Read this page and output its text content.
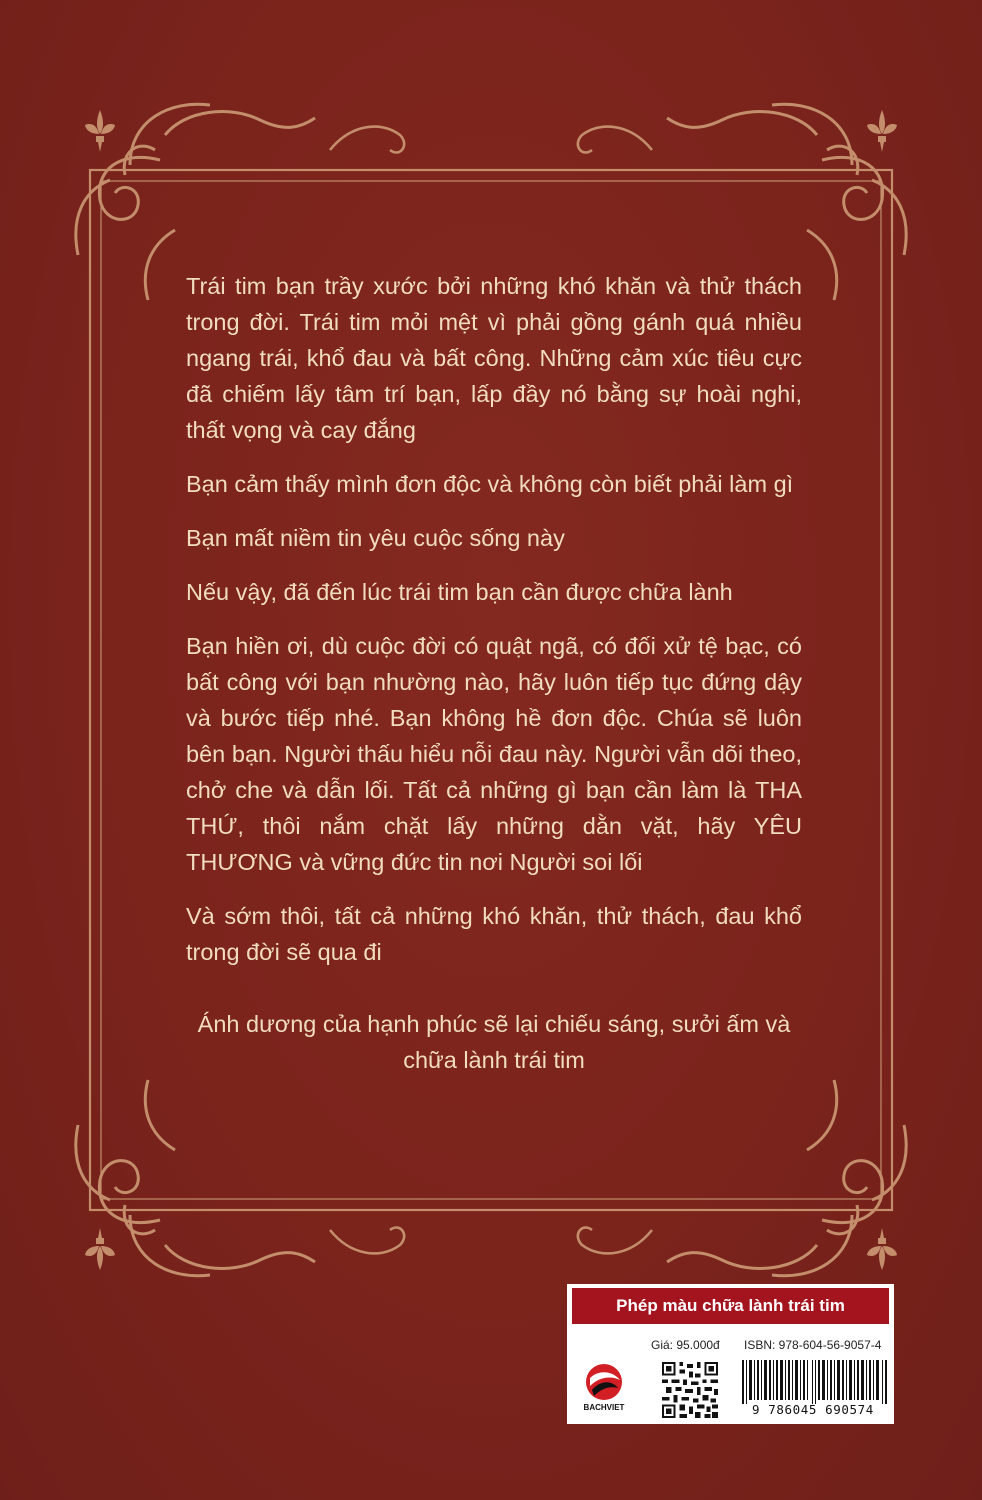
Trái tim bạn trầy xước bởi những khó khăn và thử thách trong đời. Trái tim mỏi mệt vì phải gồng gánh quá nhiều ngang trái, khổ đau và bất công. Những cảm xúc tiêu cực đã chiếm lấy tâm trí bạn, lấp đầy nó bằng sự hoài nghi, thất vọng và cay đắng

Bạn cảm thấy mình đơn độc và không còn biết phải làm gì

Bạn mất niềm tin yêu cuộc sống này

Nếu vậy, đã đến lúc trái tim bạn cần được chữa lành

Bạn hiền ơi, dù cuộc đời có quật ngã, có đối xử tệ bạc, có bất công với bạn nhường nào, hãy luôn tiếp tục đứng dậy và bước tiếp nhé. Bạn không hề đơn độc. Chúa sẽ luôn bên bạn. Người thấu hiểu nỗi đau này. Người vẫn dõi theo, chở che và dẫn lối. Tất cả những gì bạn cần làm là THA THỨ, thôi nắm chặt lấy những dằn vặt, hãy YÊU THƯƠNG và vững đức tin nơi Người soi lối

Và sớm thôi, tất cả những khó khăn, thử thách, đau khổ trong đời sẽ qua đi

Ánh dương của hạnh phúc sẽ lại chiếu sáng, sưởi ấm và
chữa lành trái tim
Phép màu chữa lành trái tim
Giá: 95.000đ ISBN: 978-604-56-9057-4
BACHVIET	9 786045 690574
